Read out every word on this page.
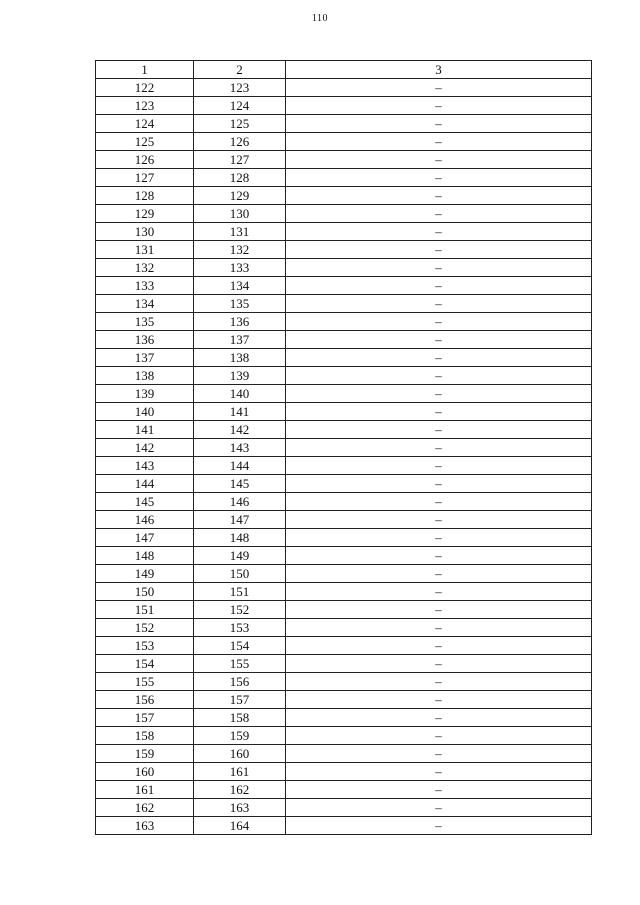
110
1	2	3
122	123	–
123	124	–
124	125	–
125	126	–
126	127	–
127	128	–
128	129	–
129	130	–
130	131	–
131	132	–
132	133	–
133	134	–
134	135	–
135	136	–
136	137	–
137	138	–
138	139	–
139	140	–
140	141	–
141	142	–
142	143	–
143	144	–
144	145	–
145	146	–
146	147	–
147	148	–
148	149	–
149	150	–
150	151	–
151	152	–
152	153	–
153	154	–
154	155	–
155	156	–
156	157	–
157	158	–
158	159	–
159	160	–
160	161	–
161	162	–
162	163	–
163	164	–
